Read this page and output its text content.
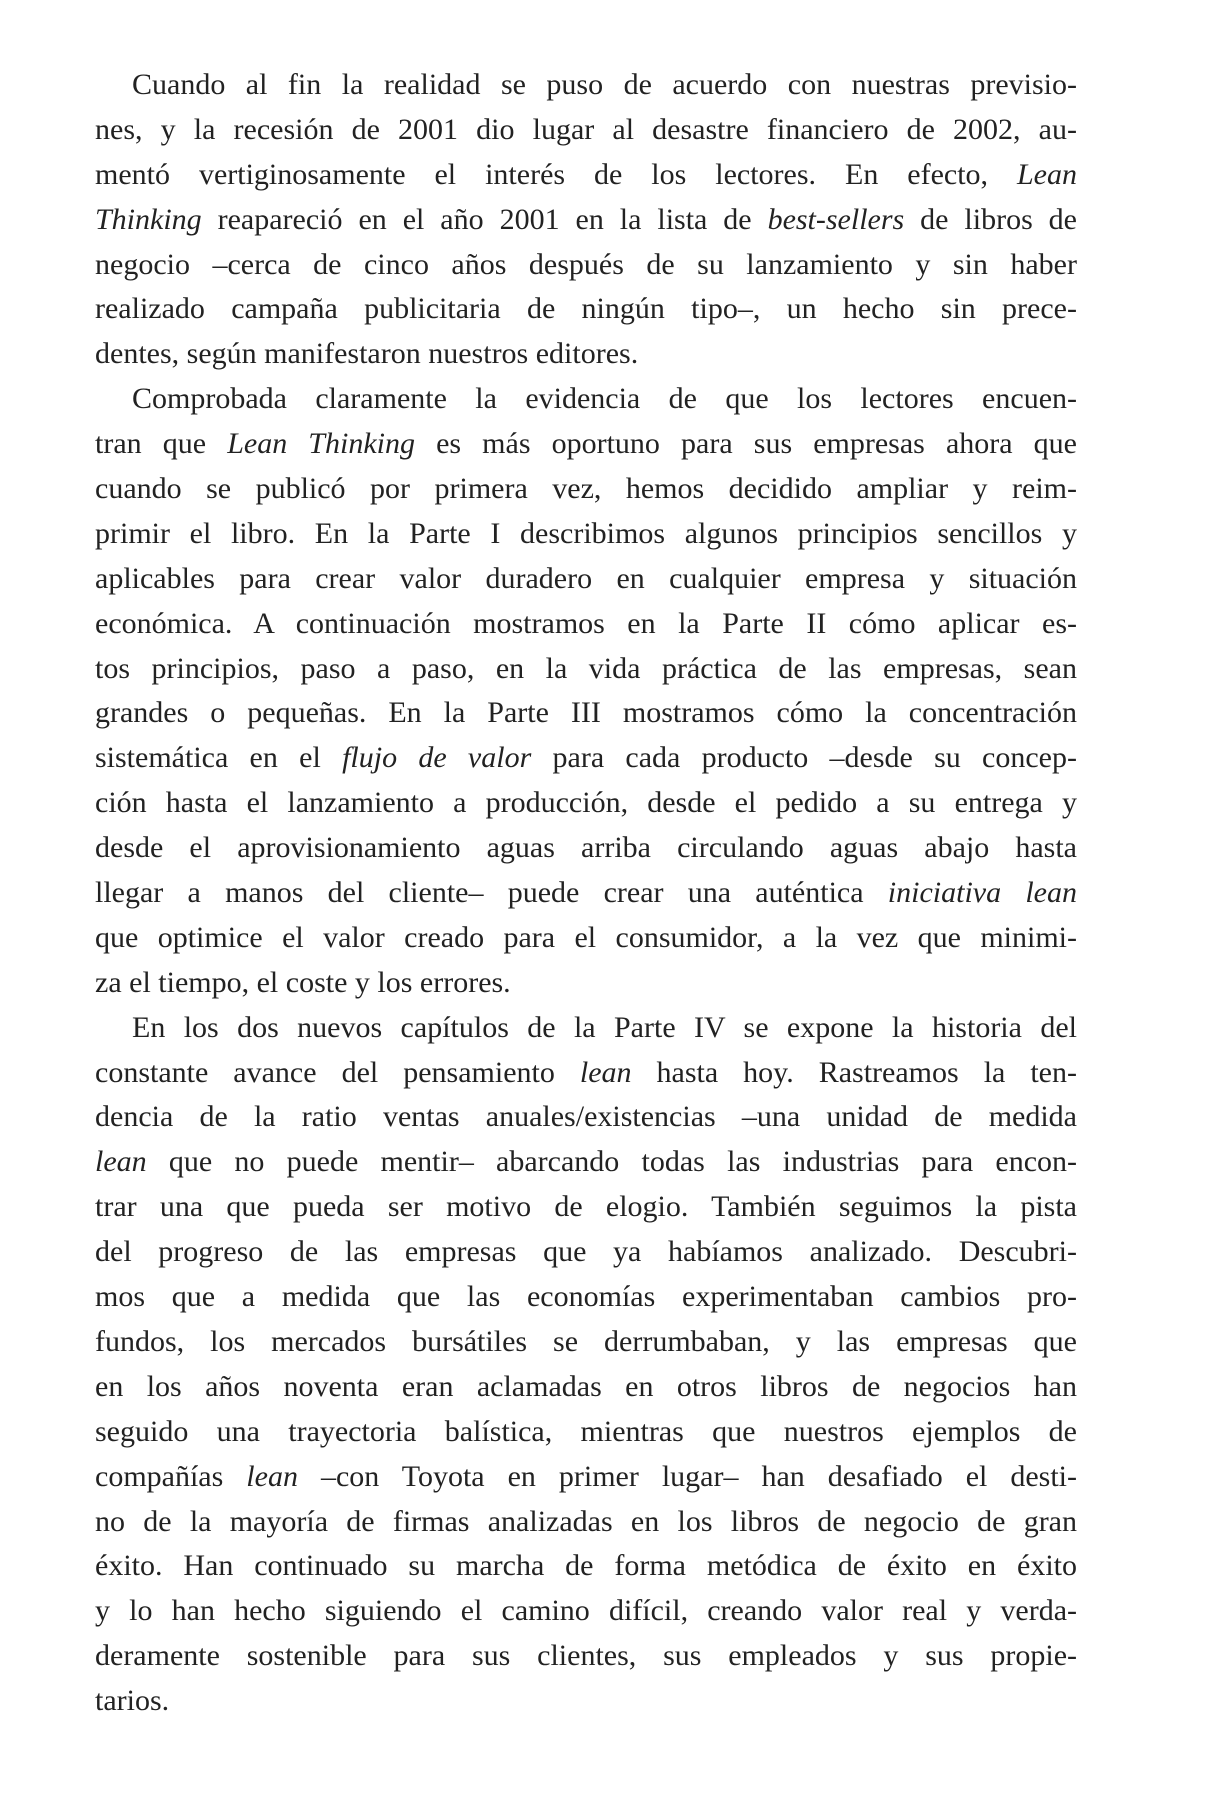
Cuando al fin la realidad se puso de acuerdo con nuestras previsio-
nes, y la recesión de 2001 dio lugar al desastre financiero de 2002, au-
mentó vertiginosamente el interés de los lectores. En efecto, Lean
Thinking reapareció en el año 2001 en la lista de best-sellers de libros de
negocio –cerca de cinco años después de su lanzamiento y sin haber
realizado campaña publicitaria de ningún tipo–, un hecho sin prece-
dentes, según manifestaron nuestros editores.
Comprobada claramente la evidencia de que los lectores encuen-
tran que Lean Thinking es más oportuno para sus empresas ahora que
cuando se publicó por primera vez, hemos decidido ampliar y reim-
primir el libro. En la Parte I describimos algunos principios sencillos y
aplicables para crear valor duradero en cualquier empresa y situación
económica. A continuación mostramos en la Parte II cómo aplicar es-
tos principios, paso a paso, en la vida práctica de las empresas, sean
grandes o pequeñas. En la Parte III mostramos cómo la concentración
sistemática en el flujo de valor para cada producto –desde su concep-
ción hasta el lanzamiento a producción, desde el pedido a su entrega y
desde el aprovisionamiento aguas arriba circulando aguas abajo hasta
llegar a manos del cliente– puede crear una auténtica iniciativa lean
que optimice el valor creado para el consumidor, a la vez que minimi-
za el tiempo, el coste y los errores.
En los dos nuevos capítulos de la Parte IV se expone la historia del
constante avance del pensamiento lean hasta hoy. Rastreamos la ten-
dencia de la ratio ventas anuales/existencias –una unidad de medida
lean que no puede mentir– abarcando todas las industrias para encon-
trar una que pueda ser motivo de elogio. También seguimos la pista
del progreso de las empresas que ya habíamos analizado. Descubri-
mos que a medida que las economías experimentaban cambios pro-
fundos, los mercados bursátiles se derrumbaban, y las empresas que
en los años noventa eran aclamadas en otros libros de negocios han
seguido una trayectoria balística, mientras que nuestros ejemplos de
compañías lean –con Toyota en primer lugar– han desafiado el desti-
no de la mayoría de firmas analizadas en los libros de negocio de gran
éxito. Han continuado su marcha de forma metódica de éxito en éxito
y lo han hecho siguiendo el camino difícil, creando valor real y verda-
deramente sostenible para sus clientes, sus empleados y sus propie-
tarios.
